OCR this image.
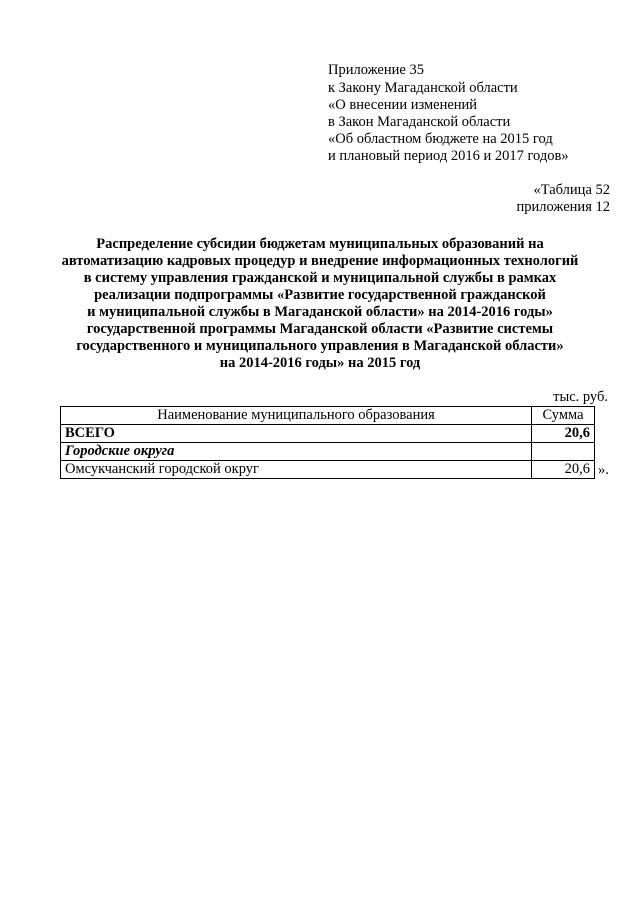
Приложение 35
к Закону Магаданской области
«О внесении изменений
в Закон Магаданской области
«Об областном бюджете на 2015 год
и плановый период 2016 и 2017 годов»
«Таблица 52
приложения 12
Распределение субсидии бюджетам муниципальных образований на
автоматизацию кадровых процедур и внедрение информационных технологий
в систему управления гражданской и муниципальной службы в рамках
реализации подпрограммы «Развитие государственной гражданской
и муниципальной службы в Магаданской области» на 2014-2016 годы»
государственной программы Магаданской области «Развитие системы
государственного и муниципального управления в Магаданской области»
на 2014-2016 годы» на 2015 год
тыс. руб.
Наименование муниципального образования	Сумма
ВСЕГО	20,6
Городские округа	
Омсукчанский городской округ	20,6 ».
